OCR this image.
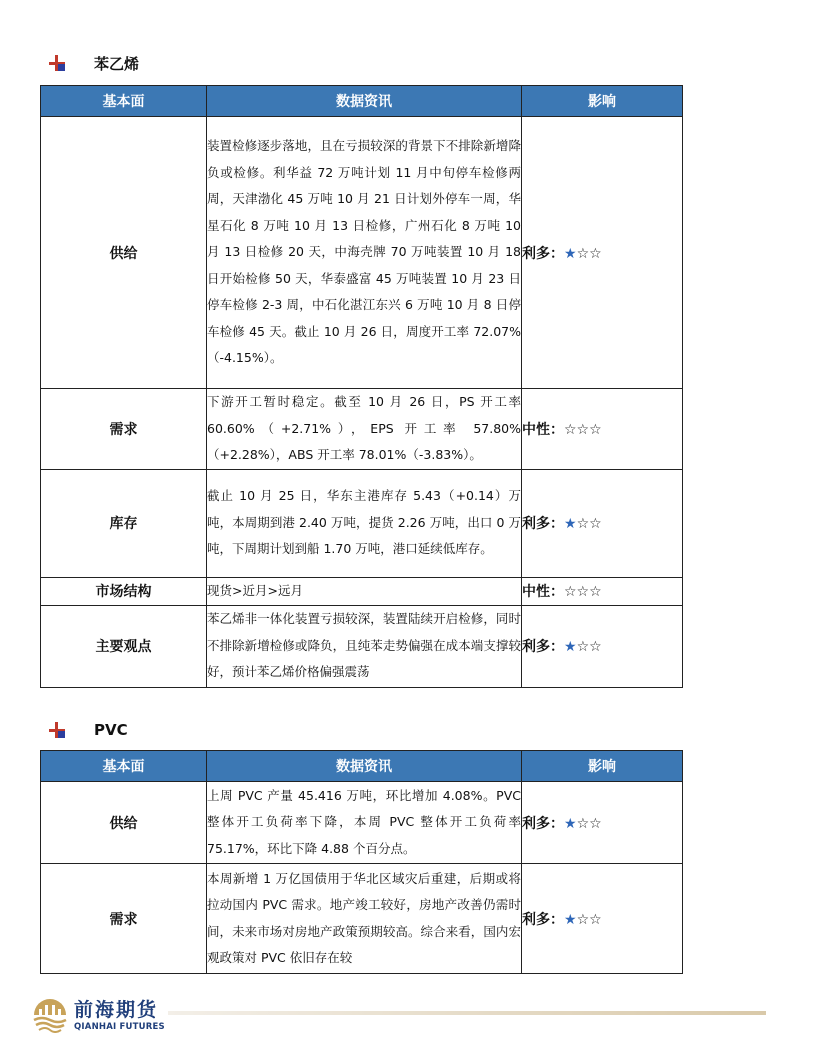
苯乙烯
基本面	数据资讯	影响
供给	装置检修逐步落地，且在亏损较深的背景下不排除新增降负或检修。利华益 72 万吨计划 11 月中旬停车检修两周，天津渤化 45 万吨 10 月 21 日计划外停车一周，华星石化 8 万吨 10 月 13 日检修，广州石化 8 万吨 10 月 13 日检修 20 天，中海壳牌 70 万吨装置 10 月 18 日开始检修 50 天，华泰盛富 45 万吨装置 10 月 23 日停车检修 2-3 周，中石化湛江东兴 6 万吨 10 月 8 日停车检修 45 天。截止 10 月 26 日，周度开工率 72.07%（-4.15%）。	利多：★☆☆
需求	下游开工暂时稳定。截至 10 月 26 日，PS 开工率 60.60%（+2.71%），EPS 开工率 57.80%（+2.28%），ABS 开工率 78.01%（-3.83%）。	中性：☆☆☆
库存	截止 10 月 25 日，华东主港库存 5.43（+0.14）万吨，本周期到港 2.40 万吨，提货 2.26 万吨，出口 0 万吨，下周期计划到船 1.70 万吨，港口延续低库存。	利多：★☆☆
市场结构	现货>近月>远月	中性：☆☆☆
主要观点	苯乙烯非一体化装置亏损较深，装置陆续开启检修，同时不排除新增检修或降负，且纯苯走势偏强在成本端支撑较好，预计苯乙烯价格偏强震荡	利多：★☆☆
PVC
基本面	数据资讯	影响
供给	上周 PVC 产量 45.416 万吨，环比增加 4.08%。PVC 整体开工负荷率下降，本周 PVC 整体开工负荷率 75.17%，环比下降 4.88 个百分点。	利多：★☆☆
需求	本周新增 1 万亿国债用于华北区域灾后重建，后期或将拉动国内 PVC 需求。地产竣工较好，房地产改善仍需时间，未来市场对房地产政策预期较高。综合来看，国内宏观政策对 PVC 依旧存在较	利多：★☆☆
前海期货
QIANHAI FUTURES
